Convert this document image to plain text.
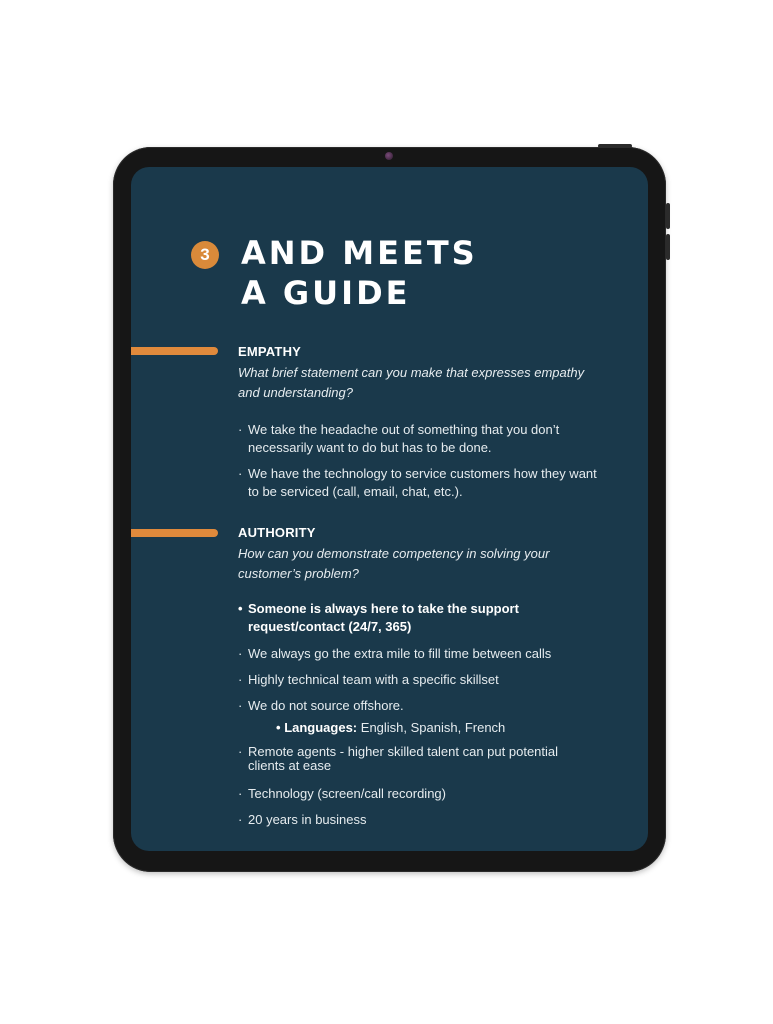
3 AND MEETS
A GUIDE

EMPATHY

What brief statement can you make that expresses empathy and understanding?

· We take the headache out of something that you don’t necessarily want to do but has to be done.
· We have the technology to service customers how they want to be serviced (call, email, chat, etc.).

AUTHORITY

How can you demonstrate competency in solving your customer’s problem?

• Someone is always here to take the support request/contact (24/7, 365)
· We always go the extra mile to fill time between calls
· Highly technical team with a specific skillset
· We do not source offshore.
• Languages: English, Spanish, French
· Remote agents - higher skilled talent can put potential clients at ease
· Technology (screen/call recording)
· 20 years in business
